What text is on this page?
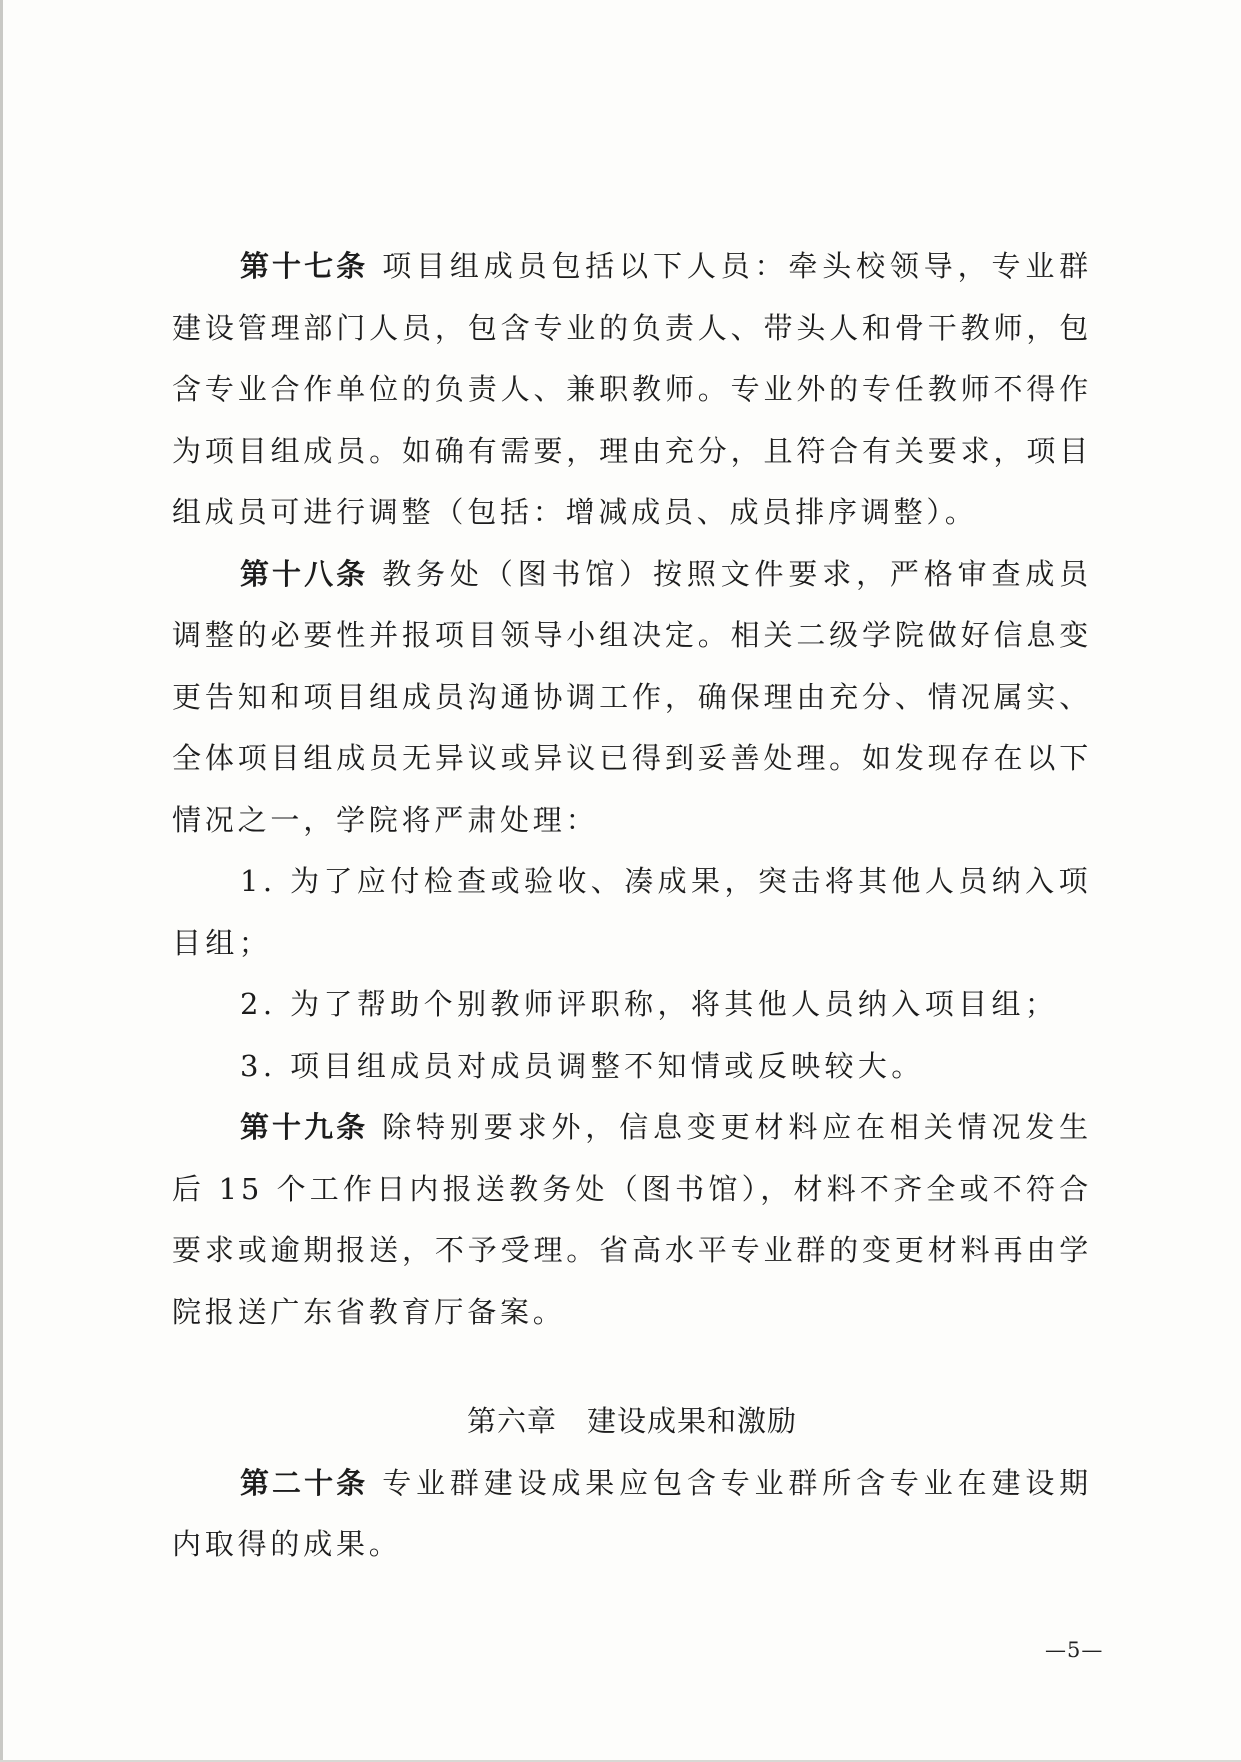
第十七条 项目组成员包括以下人员：牵头校领导，专业群建设管理部门人员，包含专业的负责人、带头人和骨干教师，包含专业合作单位的负责人、兼职教师。专业外的专任教师不得作为项目组成员。如确有需要，理由充分，且符合有关要求，项目组成员可进行调整（包括：增减成员、成员排序调整）。

第十八条 教务处（图书馆）按照文件要求，严格审查成员调整的必要性并报项目领导小组决定。相关二级学院做好信息变更告知和项目组成员沟通协调工作，确保理由充分、情况属实、全体项目组成员无异议或异议已得到妥善处理。如发现存在以下情况之一，学院将严肃处理：

1. 为了应付检查或验收、凑成果，突击将其他人员纳入项目组；

2. 为了帮助个别教师评职称，将其他人员纳入项目组；

3. 项目组成员对成员调整不知情或反映较大。

第十九条 除特别要求外，信息变更材料应在相关情况发生后 15 个工作日内报送教务处（图书馆），材料不齐全或不符合要求或逾期报送，不予受理。省高水平专业群的变更材料再由学院报送广东省教育厅备案。

第六章 建设成果和激励

第二十条 专业群建设成果应包含专业群所含专业在建设期内取得的成果。

—5—
